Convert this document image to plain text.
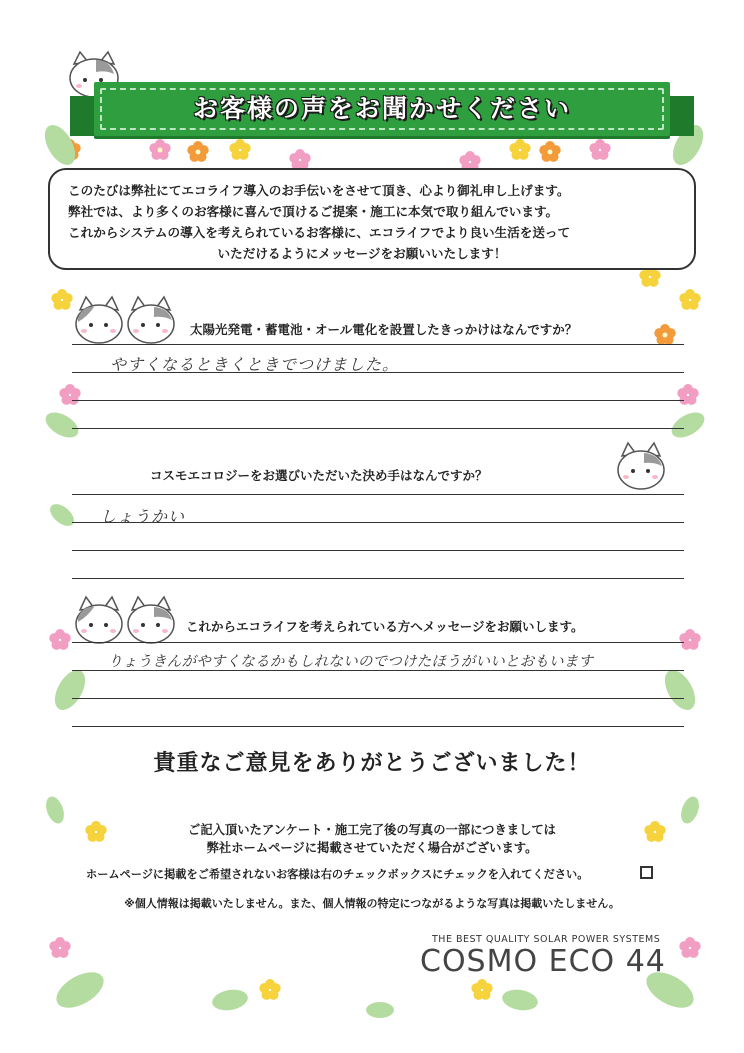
お客様の声をお聞かせください

このたびは弊社にてエコライフ導入のお手伝いをさせて頂き、心より御礼申し上げます。

弊社では、より多くのお客様に喜んで頂けるご提案・施工に本気で取り組んでいます。

これからシステムの導入を考えられているお客様に、エコライフでより良い生活を送って

いただけるようにメッセージをお願いいたします！

太陽光発電・蓄電池・オール電化を設置したきっかけはなんですか？
やすくなるときくときでつけました。
コスモエコロジーをお選びいただいた決め手はなんですか？
しょうかい
これからエコライフを考えられている方へメッセージをお願いします。
りょうきんがやすくなるかもしれないのでつけたほうがいいとおもいます
貴重なご意見をありがとうございました！
ご記入頂いたアンケート・施工完了後の写真の一部につきましては
弊社ホームページに掲載させていただく場合がございます。
ホームページに掲載をご希望されないお客様は右のチェックボックスにチェックを入れてください。
※個人情報は掲載いたしません。また、個人情報の特定につながるような写真は掲載いたしません。
THE BEST QUALITY SOLAR POWER SYSTEMS
COSMO ECO 44
